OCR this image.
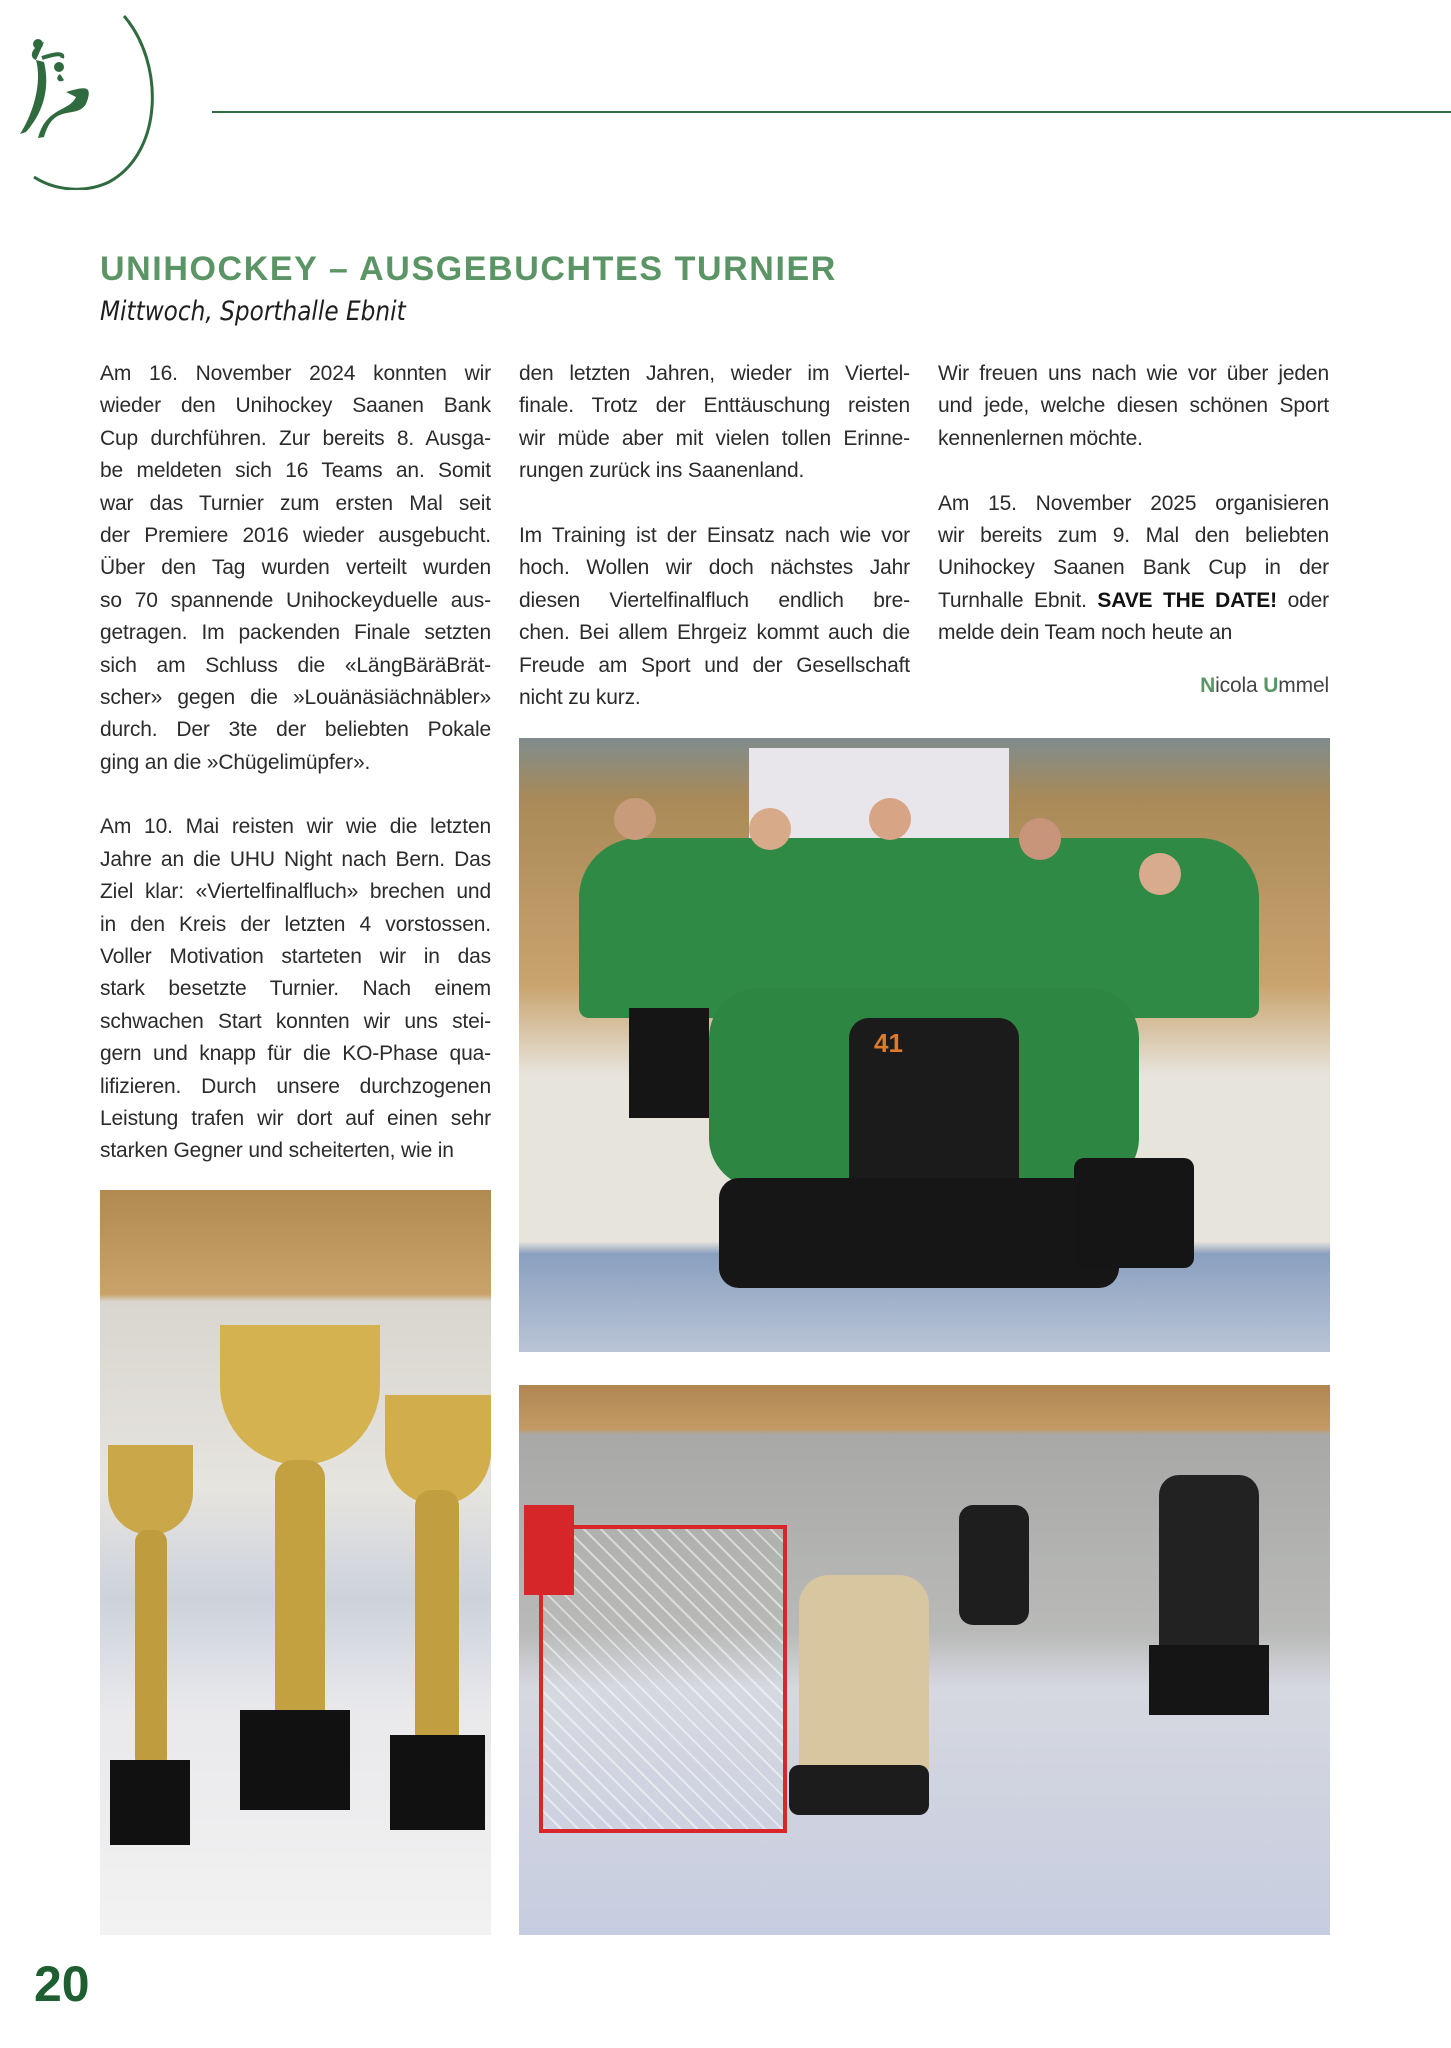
UNIHOCKEY – AUSGEBUCHTES TURNIER
Mittwoch, Sporthalle Ebnit
Am 16. November 2024 konnten wir
wieder den Unihockey Saanen Bank
Cup durchführen. Zur bereits 8. Ausga-
be meldeten sich 16 Teams an. Somit
war das Turnier zum ersten Mal seit
der Premiere 2016 wieder ausgebucht.
Über den Tag wurden verteilt wurden
so 70 spannende Unihockeyduelle aus-
getragen. Im packenden Finale setzten
sich am Schluss die «LängBäräBrät-
scher» gegen die »Louänäsiächnäbler»
durch. Der 3te der beliebten Pokale
ging an die »Chügelimüpfer».
Am 10. Mai reisten wir wie die letzten
Jahre an die UHU Night nach Bern. Das
Ziel klar: «Viertelfinalfluch» brechen und
in den Kreis der letzten 4 vorstossen.
Voller Motivation starteten wir in das
stark besetzte Turnier. Nach einem
schwachen Start konnten wir uns stei-
gern und knapp für die KO-Phase qua-
lifizieren. Durch unsere durchzogenen
Leistung trafen wir dort auf einen sehr
starken Gegner und scheiterten, wie in
den letzten Jahren, wieder im Viertel-
finale. Trotz der Enttäuschung reisten
wir müde aber mit vielen tollen Erinne-
rungen zurück ins Saanenland.
Im Training ist der Einsatz nach wie vor
hoch. Wollen wir doch nächstes Jahr
diesen Viertelfinalfluch endlich bre-
chen. Bei allem Ehrgeiz kommt auch die
Freude am Sport und der Gesellschaft
nicht zu kurz.
Wir freuen uns nach wie vor über jeden
und jede, welche diesen schönen Sport
kennenlernen möchte.
Am 15. November 2025 organisieren
wir bereits zum 9. Mal den beliebten
Unihockey Saanen Bank Cup in der
Turnhalle Ebnit. SAVE THE DATE! oder
melde dein Team noch heute an
Nicola Ummel
41
20
